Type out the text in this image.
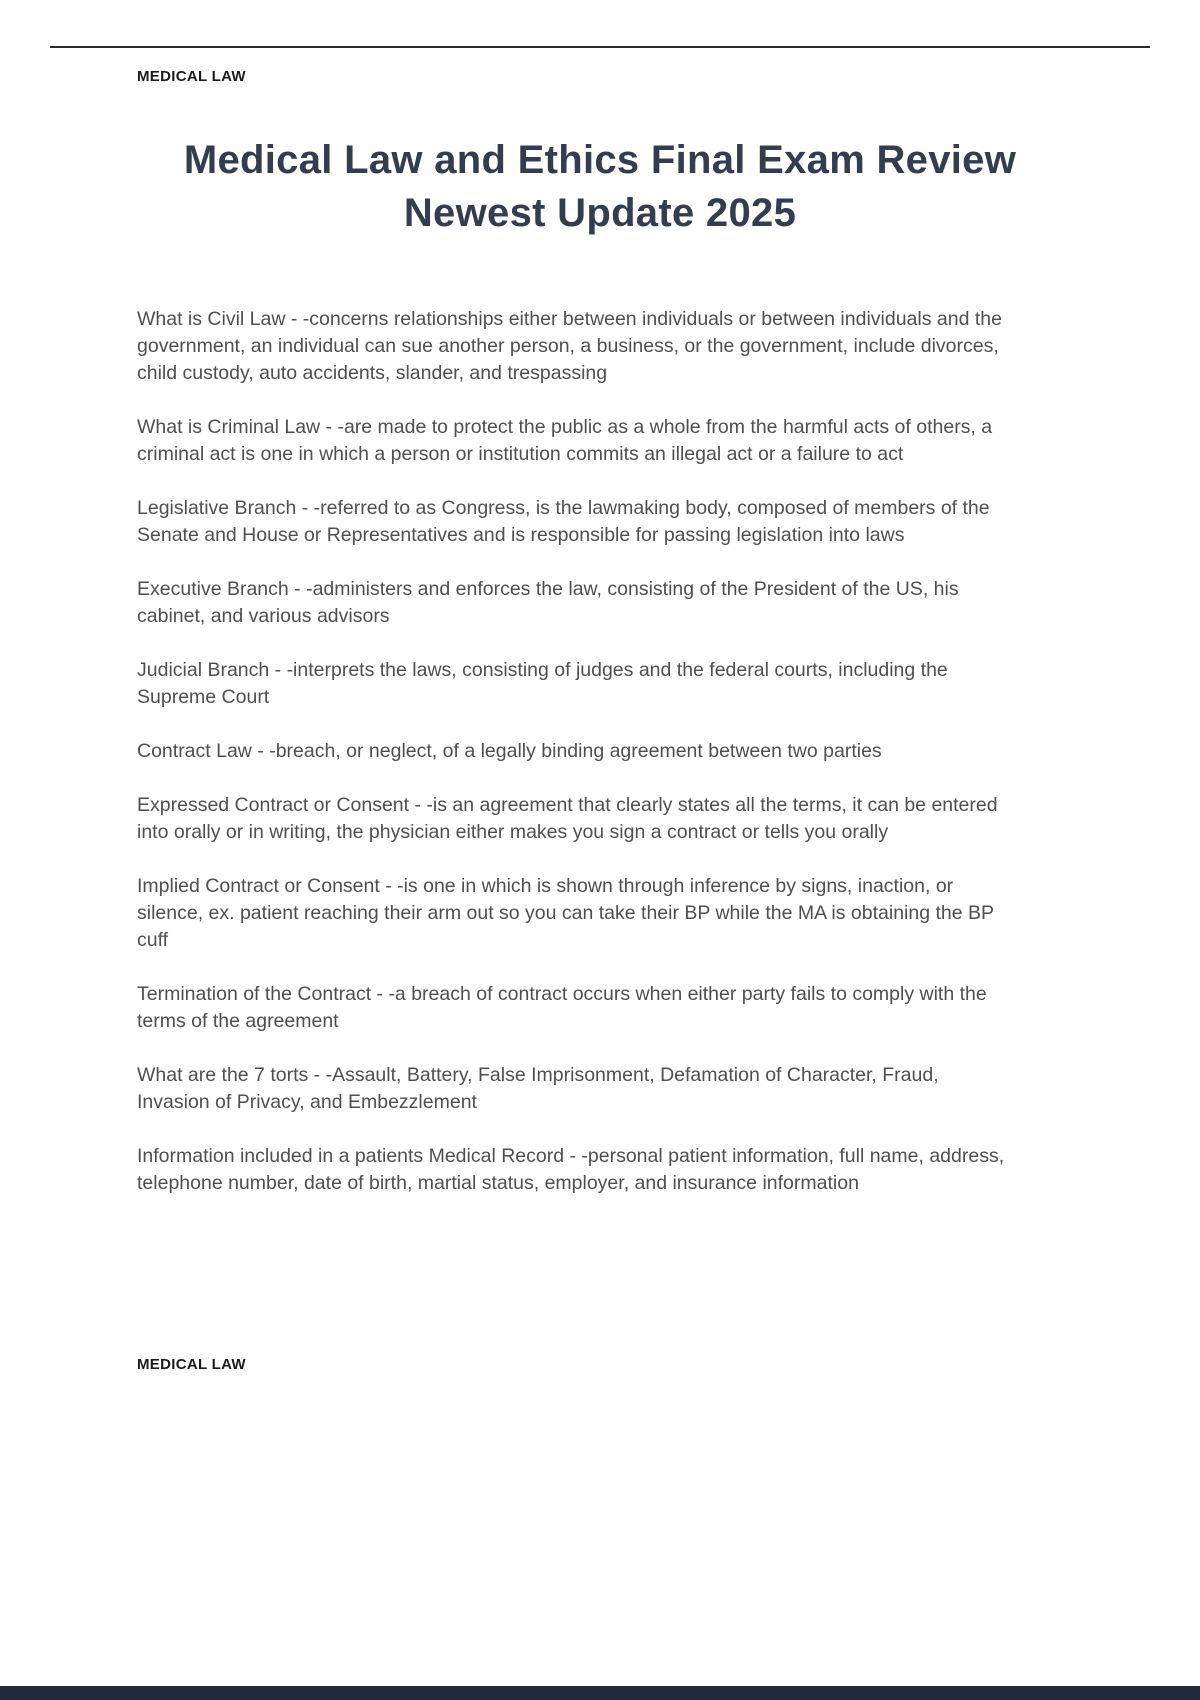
MEDICAL LAW
Medical Law and Ethics Final Exam Review Newest Update 2025

What is Civil Law - -concerns relationships either between individuals or between individuals and the government, an individual can sue another person, a business, or the government, include divorces, child custody, auto accidents, slander, and trespassing

What is Criminal Law - -are made to protect the public as a whole from the harmful acts of others, a criminal act is one in which a person or institution commits an illegal act or a failure to act

Legislative Branch - -referred to as Congress, is the lawmaking body, composed of members of the Senate and House or Representatives and is responsible for passing legislation into laws

Executive Branch - -administers and enforces the law, consisting of the President of the US, his cabinet, and various advisors

Judicial Branch - -interprets the laws, consisting of judges and the federal courts, including the Supreme Court

Contract Law - -breach, or neglect, of a legally binding agreement between two parties

Expressed Contract or Consent - -is an agreement that clearly states all the terms, it can be entered into orally or in writing, the physician either makes you sign a contract or tells you orally

Implied Contract or Consent - -is one in which is shown through inference by signs, inaction, or silence, ex. patient reaching their arm out so you can take their BP while the MA is obtaining the BP cuff

Termination of the Contract - -a breach of contract occurs when either party fails to comply with the terms of the agreement

What are the 7 torts - -Assault, Battery, False Imprisonment, Defamation of Character, Fraud, Invasion of Privacy, and Embezzlement

Information included in a patients Medical Record - -personal patient information, full name, address, telephone number, date of birth, martial status, employer, and insurance information

MEDICAL LAW
